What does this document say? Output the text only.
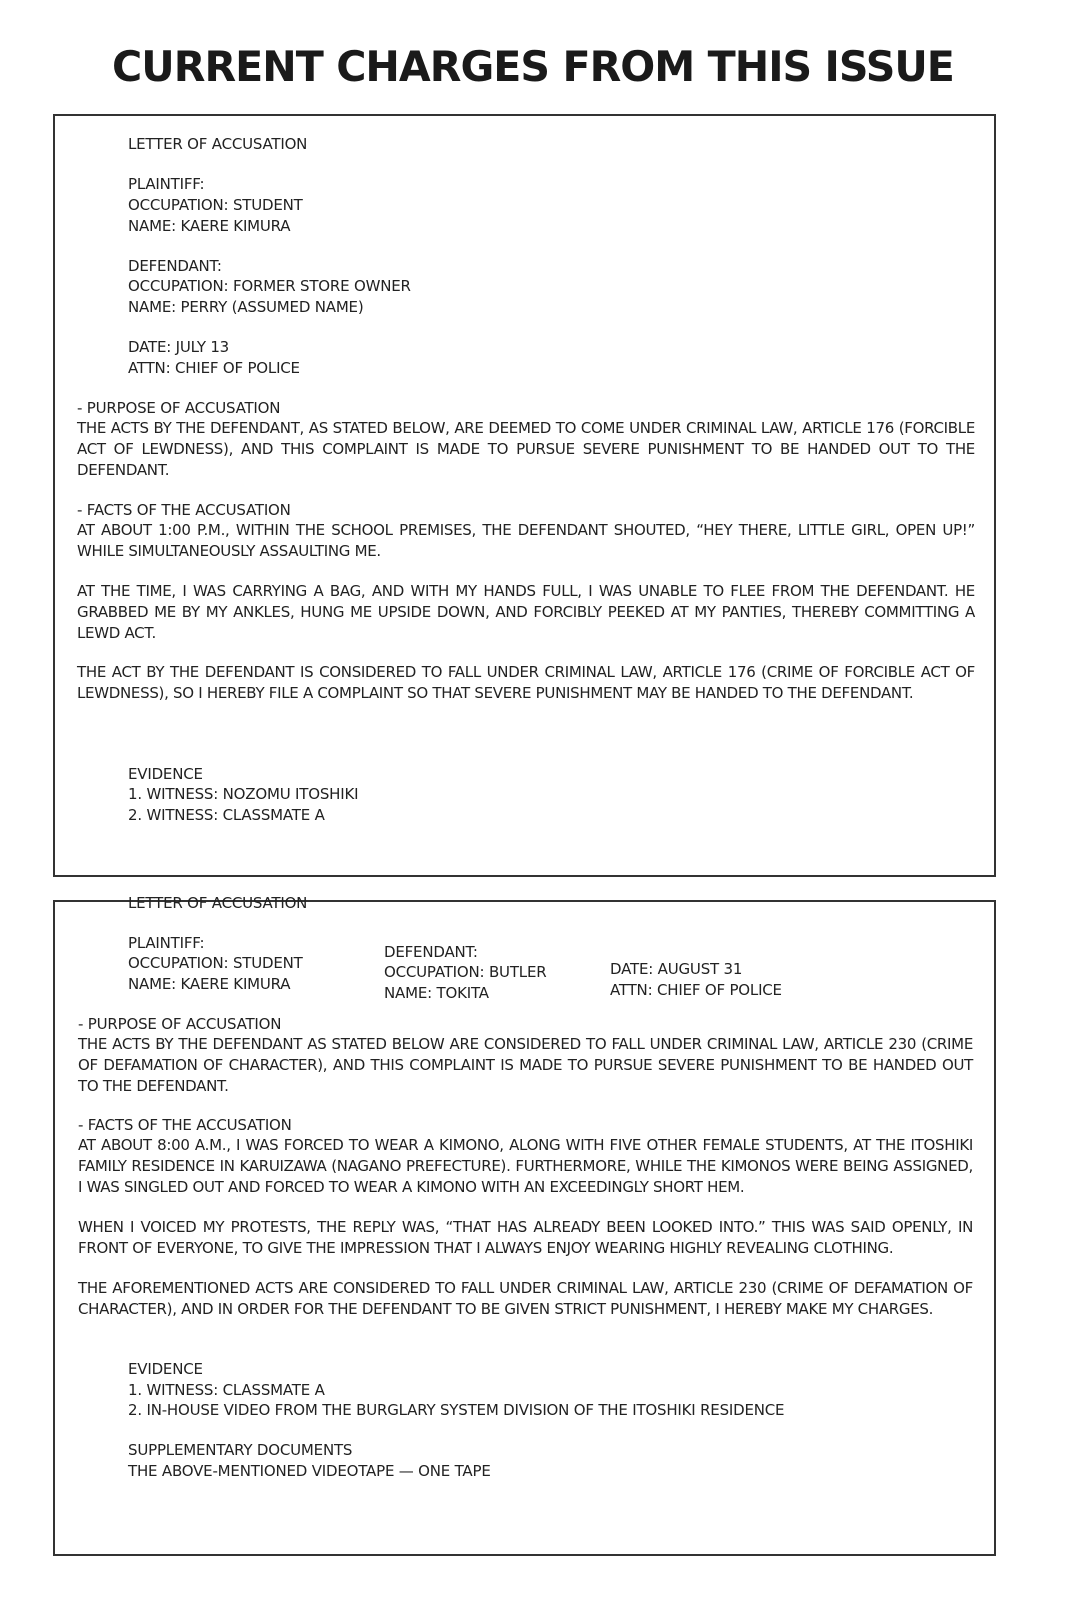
CURRENT CHARGES FROM THIS ISSUE

LETTER OF ACCUSATION

PLAINTIFF:

OCCUPATION: STUDENT

NAME: KAERE KIMURA

DEFENDANT:

OCCUPATION: FORMER STORE OWNER

NAME: PERRY (ASSUMED NAME)

DATE: JULY 13

ATTN: CHIEF OF POLICE

- PURPOSE OF ACCUSATION

THE ACTS BY THE DEFENDANT, AS STATED BELOW, ARE DEEMED TO COME UNDER CRIMINAL LAW, ARTICLE 176 (FORCIBLE ACT OF LEWDNESS), AND THIS COMPLAINT IS MADE TO PURSUE SEVERE PUNISHMENT TO BE HANDED OUT TO THE DEFENDANT.

- FACTS OF THE ACCUSATION

AT ABOUT 1:00 P.M., WITHIN THE SCHOOL PREMISES, THE DEFENDANT SHOUTED, “HEY THERE, LITTLE GIRL, OPEN UP!” WHILE SIMULTANEOUSLY ASSAULTING ME.

AT THE TIME, I WAS CARRYING A BAG, AND WITH MY HANDS FULL, I WAS UNABLE TO FLEE FROM THE DEFENDANT. HE GRABBED ME BY MY ANKLES, HUNG ME UPSIDE DOWN, AND FORCIBLY PEEKED AT MY PANTIES, THEREBY COMMITTING A LEWD ACT.

THE ACT BY THE DEFENDANT IS CONSIDERED TO FALL UNDER CRIMINAL LAW, ARTICLE 176 (CRIME OF FORCIBLE ACT OF LEWDNESS), SO I HEREBY FILE A COMPLAINT SO THAT SEVERE PUNISHMENT MAY BE HANDED TO THE DEFENDANT.

EVIDENCE

1. WITNESS: NOZOMU ITOSHIKI

2. WITNESS: CLASSMATE A

LETTER OF ACCUSATION

PLAINTIFF:

OCCUPATION: STUDENT

NAME: KAERE KIMURA

DEFENDANT:

OCCUPATION: BUTLER

NAME: TOKITA

DATE: AUGUST 31

ATTN: CHIEF OF POLICE

- PURPOSE OF ACCUSATION

THE ACTS BY THE DEFENDANT AS STATED BELOW ARE CONSIDERED TO FALL UNDER CRIMINAL LAW, ARTICLE 230 (CRIME OF DEFAMATION OF CHARACTER), AND THIS COMPLAINT IS MADE TO PURSUE SEVERE PUNISHMENT TO BE HANDED OUT TO THE DEFENDANT.

- FACTS OF THE ACCUSATION

AT ABOUT 8:00 A.M., I WAS FORCED TO WEAR A KIMONO, ALONG WITH FIVE OTHER FEMALE STUDENTS, AT THE ITOSHIKI FAMILY RESIDENCE IN KARUIZAWA (NAGANO PREFECTURE). FURTHERMORE, WHILE THE KIMONOS WERE BEING ASSIGNED, I WAS SINGLED OUT AND FORCED TO WEAR A KIMONO WITH AN EXCEEDINGLY SHORT HEM.

WHEN I VOICED MY PROTESTS, THE REPLY WAS, “THAT HAS ALREADY BEEN LOOKED INTO.” THIS WAS SAID OPENLY, IN FRONT OF EVERYONE, TO GIVE THE IMPRESSION THAT I ALWAYS ENJOY WEARING HIGHLY REVEALING CLOTHING.

THE AFOREMENTIONED ACTS ARE CONSIDERED TO FALL UNDER CRIMINAL LAW, ARTICLE 230 (CRIME OF DEFAMATION OF CHARACTER), AND IN ORDER FOR THE DEFENDANT TO BE GIVEN STRICT PUNISHMENT, I HEREBY MAKE MY CHARGES.

EVIDENCE

1. WITNESS: CLASSMATE A

2. IN-HOUSE VIDEO FROM THE BURGLARY SYSTEM DIVISION OF THE ITOSHIKI RESIDENCE

SUPPLEMENTARY DOCUMENTS

THE ABOVE-MENTIONED VIDEOTAPE — ONE TAPE
